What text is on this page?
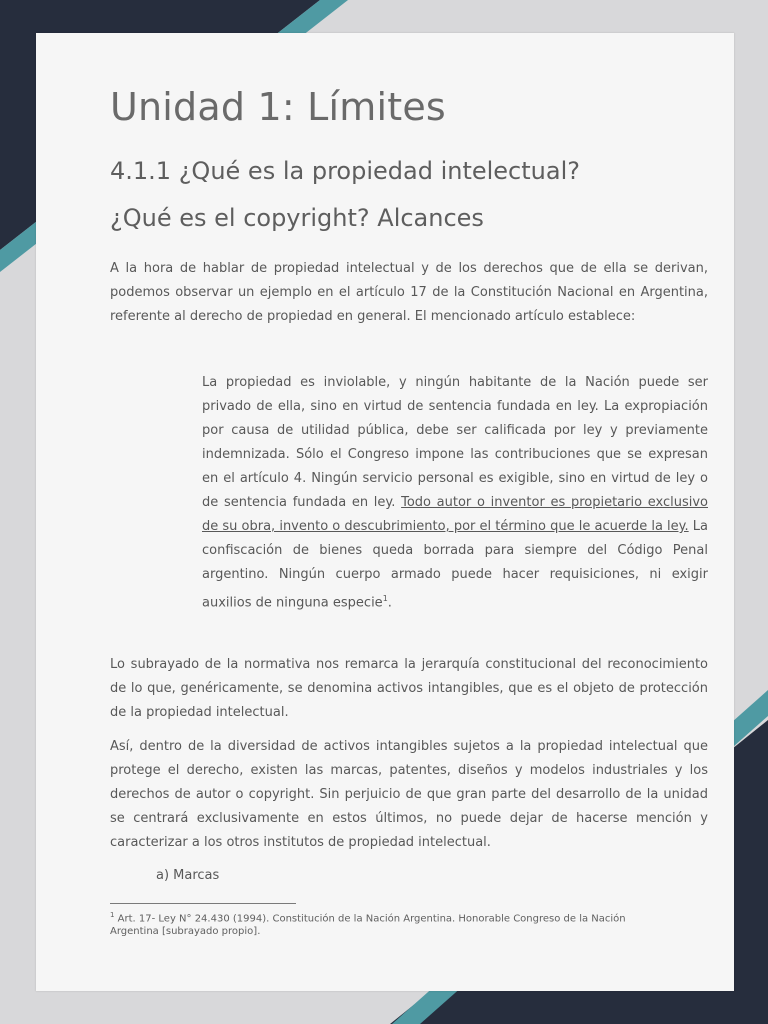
Unidad 1: Límites
4.1.1 ¿Qué es la propiedad intelectual?
¿Qué es el copyright? Alcances

A la hora de hablar de propiedad intelectual y de los derechos que de ella se derivan, podemos observar un ejemplo en el artículo 17 de la Constitución Nacional en Argentina, referente al derecho de propiedad en general. El mencionado artículo establece:

La propiedad es inviolable, y ningún habitante de la Nación puede ser privado de ella, sino en virtud de sentencia fundada en ley. La expropiación por causa de utilidad pública, debe ser calificada por ley y previamente indemnizada. Sólo el Congreso impone las contribuciones que se expresan en el artículo 4. Ningún servicio personal es exigible, sino en virtud de ley o de sentencia fundada en ley. Todo autor o inventor es propietario exclusivo de su obra, invento o descubrimiento, por el término que le acuerde la ley. La confiscación de bienes queda borrada para siempre del Código Penal argentino. Ningún cuerpo armado puede hacer requisiciones, ni exigir auxilios de ninguna especie$^1$.

Lo subrayado de la normativa nos remarca la jerarquía constitucional del reconocimiento de lo que, genéricamente, se denomina activos intangibles, que es el objeto de protección de la propiedad intelectual.

Así, dentro de la diversidad de activos intangibles sujetos a la propiedad intelectual que protege el derecho, existen las marcas, patentes, diseños y modelos industriales y los derechos de autor o copyright. Sin perjuicio de que gran parte del desarrollo de la unidad se centrará exclusivamente en estos últimos, no puede dejar de hacerse mención y caracterizar a los otros institutos de propiedad intelectual.

a) Marcas

$^1$ Art. 17- Ley N° 24.430 (1994). Constitución de la Nación Argentina. Honorable Congreso de la Nación Argentina [subrayado propio].
